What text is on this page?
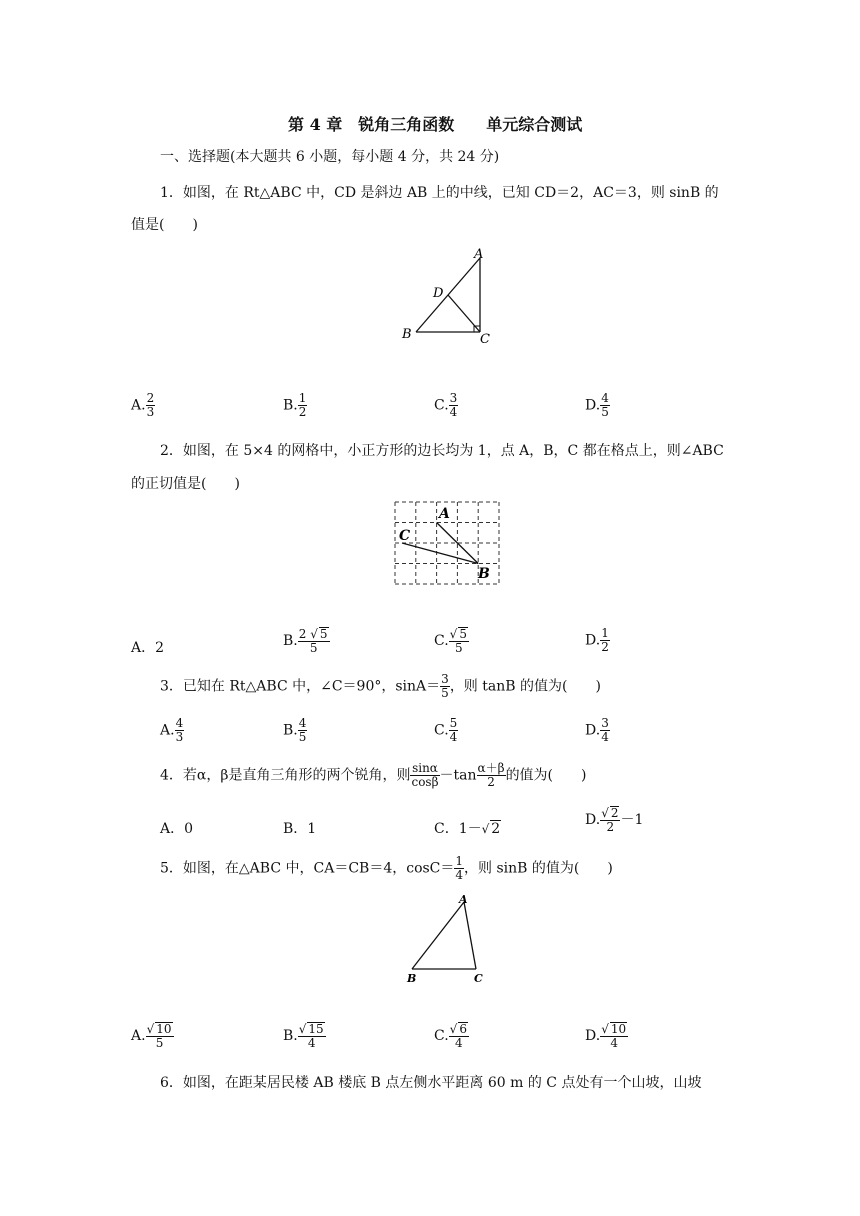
第 4 章　锐角三角函数　　单元综合测试
一、选择题(本大题共 6 小题，每小题 4 分，共 24 分)
1．如图，在 Rt△ABC 中，CD 是斜边 AB 上的中线，已知 CD＝2，AC＝3，则 sinB 的
值是(　　)
A
D
B	C
A. $\frac{2}{3}$	B. $\frac{1}{2}$	C. $\frac{3}{4}$	D. $\frac{4}{5}$
2．如图，在 5×4 的网格中，小正方形的边长均为 1，点 A，B，C 都在格点上，则∠ABC
的正切值是(　　)
A
C
B
A．2	B. $\frac{2 √ 5}{5}$	C. √ $\frac{5}{5}$	D. $\frac{1}{2}$
3．已知在 Rt△ABC 中，∠C＝90°，$\sin A= \frac{3}{5}$ ，则 tanB 的值为(　　)
A. $\frac{4}{3}$	B. $\frac{4}{5}$	C. $\frac{5}{4}$	D. $\frac{3}{4}$
4．若α，β是直角三角形的两个锐角，则 $\frac{\sin\alpha}{\cos\beta} -\tan \frac{\alpha+\beta}{2}$ 的值为(　　)
A．0	B．1	C．1－ √ 2
D. √ $\frac{2}{2} -1$
5．如图，在△ABC 中，CA＝CB＝4，$\cos C= \frac{1}{4}$ ，则 sinB 的值为(　　)
A
B	C
A. √ $\frac{10}{5}$	B. √ $\frac{15}{4}$	C. √ $\frac{6}{4}$	D. √ $\frac{10}{4}$
6．如图，在距某居民楼 AB 楼底 B 点左侧水平距离 60 m 的 C 点处有一个山坡，山坡
